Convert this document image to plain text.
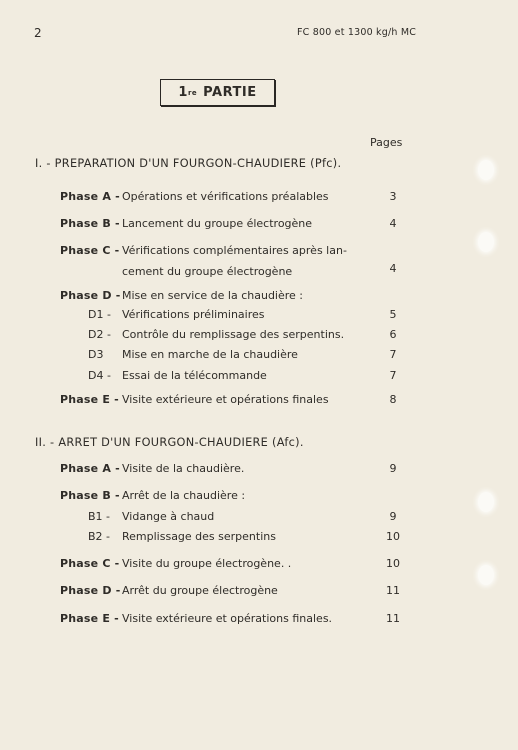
2	FC 800 et 1300 kg/h MC
1 re
PARTIE
Pages
I. - PREPARATION D'UN FOURGON-CHAUDIERE (Pfc).
Phase A - Opérations et vérifications préalables	3
Phase B - Lancement du groupe électrogène	4
Phase C - Vérifications complémentaires après lan-cement du groupe électrogène	4
Phase D - Mise en service de la chaudière :
D1 - Vérifications préliminaires	5
D2 - Contrôle du remplissage des serpentins.	6
D3 Mise en marche de la chaudière	7
D4 - Essai de la télécommande	7
Phase E - Visite extérieure et opérations finales	8
II. - ARRET D'UN FOURGON-CHAUDIERE (Afc).
Phase A - Visite de la chaudière.	9
Phase B - Arrêt de la chaudière :
B1 - Vidange à chaud	9
B2 - Remplissage des serpentins	10
Phase C - Visite du groupe électrogène. .	10
Phase D - Arrêt du groupe électrogène	11
Phase E - Visite extérieure et opérations finales.	11
